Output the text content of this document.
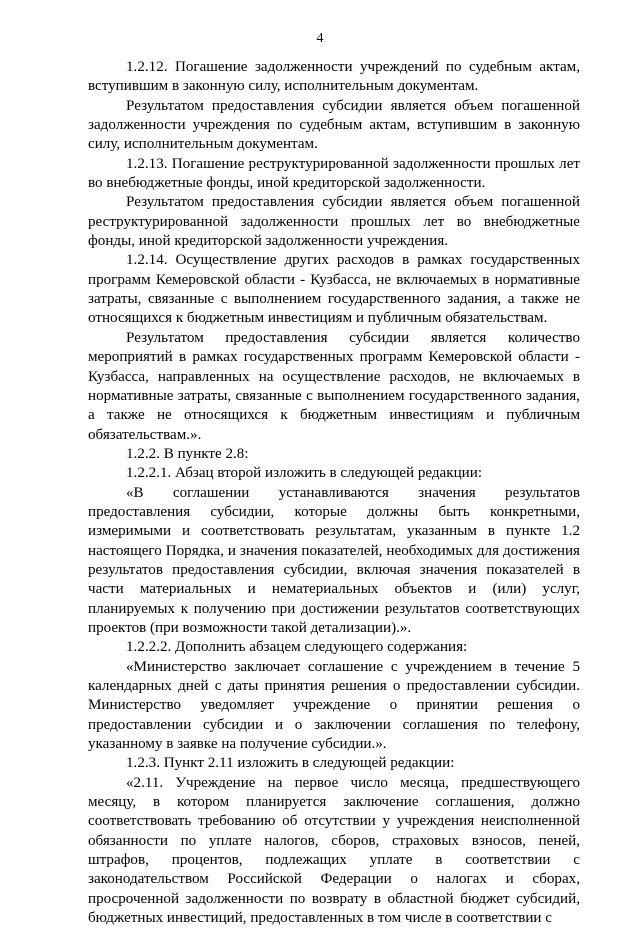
4

1.2.12. Погашение задолженности учреждений по судебным актам, вступившим в законную силу, исполнительным документам.

Результатом предоставления субсидии является объем погашенной задолженности учреждения по судебным актам, вступившим в законную силу, исполнительным документам.

1.2.13. Погашение реструктурированной задолженности прошлых лет во внебюджетные фонды, иной кредиторской задолженности.

Результатом предоставления субсидии является объем погашенной реструктурированной задолженности прошлых лет во внебюджетные фонды, иной кредиторской задолженности учреждения.

1.2.14. Осуществление других расходов в рамках государственных программ Кемеровской области - Кузбасса, не включаемых в нормативные затраты, связанные с выполнением государственного задания, а также не относящихся к бюджетным инвестициям и публичным обязательствам.

Результатом предоставления субсидии является количество мероприятий в рамках государственных программ Кемеровской области - Кузбасса, направленных на осуществление расходов, не включаемых в нормативные затраты, связанные с выполнением государственного задания, а также не относящихся к бюджетным инвестициям и публичным обязательствам.».

1.2.2. В пункте 2.8:

1.2.2.1. Абзац второй изложить в следующей редакции:

«В соглашении устанавливаются значения результатов предоставления субсидии, которые должны быть конкретными, измеримыми и соответствовать результатам, указанным в пункте 1.2 настоящего Порядка, и значения показателей, необходимых для достижения результатов предоставления субсидии, включая значения показателей в части материальных и нематериальных объектов и (или) услуг, планируемых к получению при достижении результатов соответствующих проектов (при возможности такой детализации).».

1.2.2.2. Дополнить абзацем следующего содержания:

«Министерство заключает соглашение с учреждением в течение 5 календарных дней с даты принятия решения о предоставлении субсидии. Министерство уведомляет учреждение о принятии решения о предоставлении субсидии и о заключении соглашения по телефону, указанному в заявке на получение субсидии.».

1.2.3. Пункт 2.11 изложить в следующей редакции:

«2.11. Учреждение на первое число месяца, предшествующего месяцу, в котором планируется заключение соглашения, должно соответствовать требованию об отсутствии у учреждения неисполненной обязанности по уплате налогов, сборов, страховых взносов, пеней, штрафов, процентов, подлежащих уплате в соответствии с законодательством Российской Федерации о налогах и сборах, просроченной задолженности по возврату в областной бюджет субсидий, бюджетных инвестиций, предоставленных в том числе в соответствии с
